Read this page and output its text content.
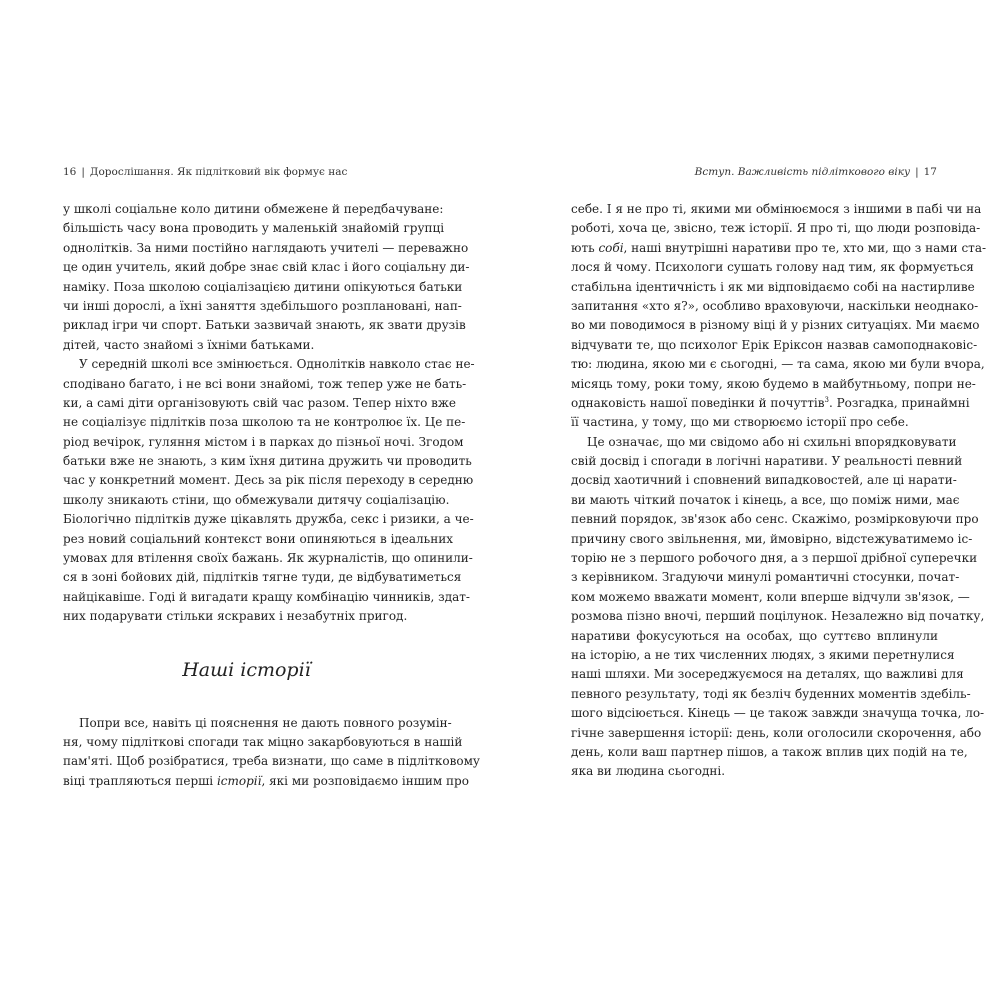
16 | Дорослішання. Як підлітковий вік формує нас
у школі соціальне коло дитини обмежене й передбачуване:
більшість часу вона проводить у маленькій знайомій групці
однолітків. За ними постійно наглядають учителі — переважно
це один учитель, який добре знає свій клас і його соціальну ди-
наміку. Поза школою соціалізацією дитини опікуються батьки
чи інші дорослі, а їхні заняття здебільшого розплановані, нап-
риклад ігри чи спорт. Батьки зазвичай знають, як звати друзів
дітей, часто знайомі з їхніми батьками.
У середній школі все змінюється. Однолітків навколо стає не-
сподівано багато, і не всі вони знайомі, тож тепер уже не бать-
ки, а самі діти організовують свій час разом. Тепер ніхто вже
не соціалізує підлітків поза школою та не контролює їх. Це пе-
ріод вечірок, гуляння містом і в парках до пізньої ночі. Згодом
батьки вже не знають, з ким їхня дитина дружить чи проводить
час у конкретний момент. Десь за рік після переходу в середню
школу зникають стіни, що обмежували дитячу соціалізацію.
Біологічно підлітків дуже цікавлять дружба, секс і ризики, а че-
рез новий соціальний контекст вони опиняються в ідеальних
умовах для втілення своїх бажань. Як журналістів, що опинили-
ся в зоні бойових дій, підлітків тягне туди, де відбуватиметься
найцікавіше. Годі й вигадати кращу комбінацію чинників, здат-
них подарувати стільки яскравих і незабутніх пригод.
Наші історії
Попри все, навіть ці пояснення не дають повного розумін-
ня, чому підліткові спогади так міцно закарбовуються в нашій
пам'яті. Щоб розібратися, треба визнати, що саме в підлітковому
віці трапляються перші історії, які ми розповідаємо іншим про
Вступ. Важливість підліткового віку | 17
себе. І я не про ті, якими ми обмінюємося з іншими в пабі чи на
роботі, хоча це, звісно, теж історії. Я про ті, що люди розповіда-
ють собі, наші внутрішні наративи про те, хто ми, що з нами ста-
лося й чому. Психологи сушать голову над тим, як формується
стабільна ідентичність і як ми відповідаємо собі на настирливе
запитання «хто я?», особливо враховуючи, наскільки неоднако-
во ми поводимося в різному віці й у різних ситуаціях. Ми маємо
відчувати те, що психолог Ерік Еріксон назвав самоподнаковіс-
тю: людина, якою ми є сьогодні, — та сама, якою ми були вчора,
місяць тому, роки тому, якою будемо в майбутньому, попри не-
однаковість нашої поведінки й почуттів$^3$. Розгадка, принаймні
її частина, у тому, що ми створюємо історії про себе.
Це означає, що ми свідомо або ні схильні впорядковувати
свій досвід і спогади в логічні наративи. У реальності певний
досвід хаотичний і сповнений випадковостей, але ці нарати-
ви мають чіткий початок і кінець, а все, що поміж ними, має
певний порядок, зв'язок або сенс. Скажімо, розмірковуючи про
причину свого звільнення, ми, ймовірно, відстежуватимемо іс-
торію не з першого робочого дня, а з першої дрібної суперечки
з керівником. Згадуючи минулі романтичні стосунки, почат-
ком можемо вважати момент, коли вперше відчули зв'язок, —
розмова пізно вночі, перший поцілунок. Незалежно від початку,
наративи фокусуються на особах, що суттєво вплинули
на історію, а не тих численних людях, з якими перетнулися
наші шляхи. Ми зосереджуємося на деталях, що важливі для
певного результату, тоді як безліч буденних моментів здебіль-
шого відсіюється. Кінець — це також завжди значуща точка, ло-
гічне завершення історії: день, коли оголосили скорочення, або
день, коли ваш партнер пішов, а також вплив цих подій на те,
яка ви людина сьогодні.
